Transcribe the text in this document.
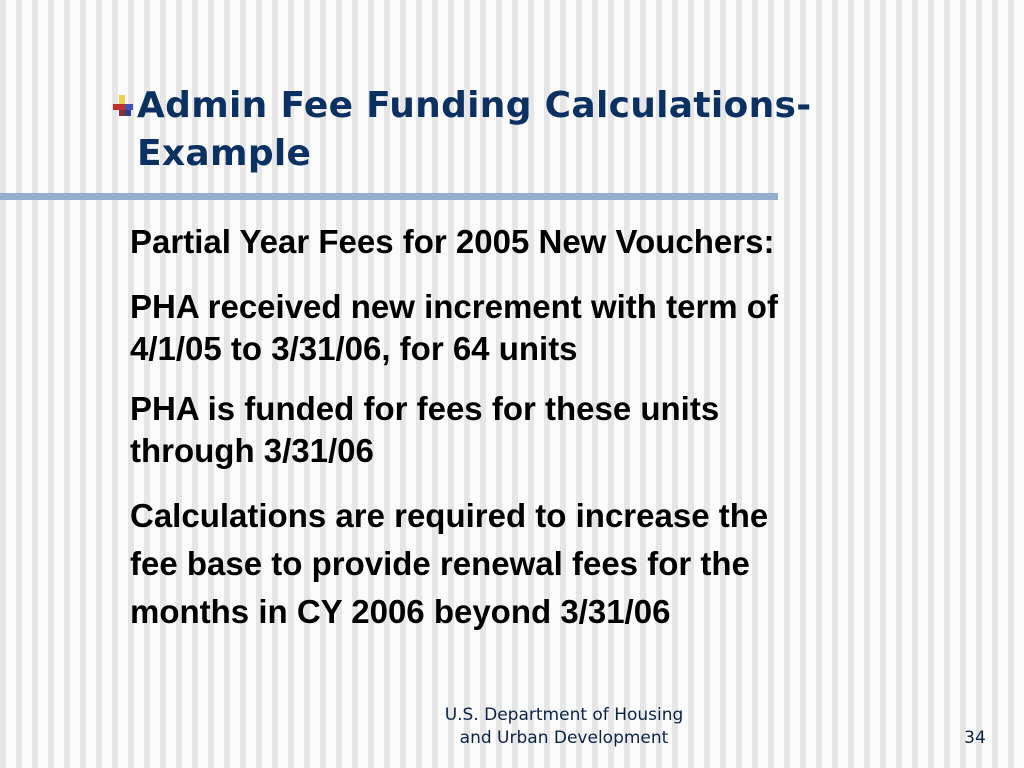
Admin Fee Funding Calculations-
Example

Partial Year Fees for 2005 New Vouchers:

PHA received new increment with term of
4/1/05 to 3/31/06, for 64 units

PHA is funded for fees for these units
through 3/31/06

Calculations are required to increase the
fee base to provide renewal fees for the
months in CY 2006 beyond 3/31/06

U.S. Department of Housing
and Urban Development	34
